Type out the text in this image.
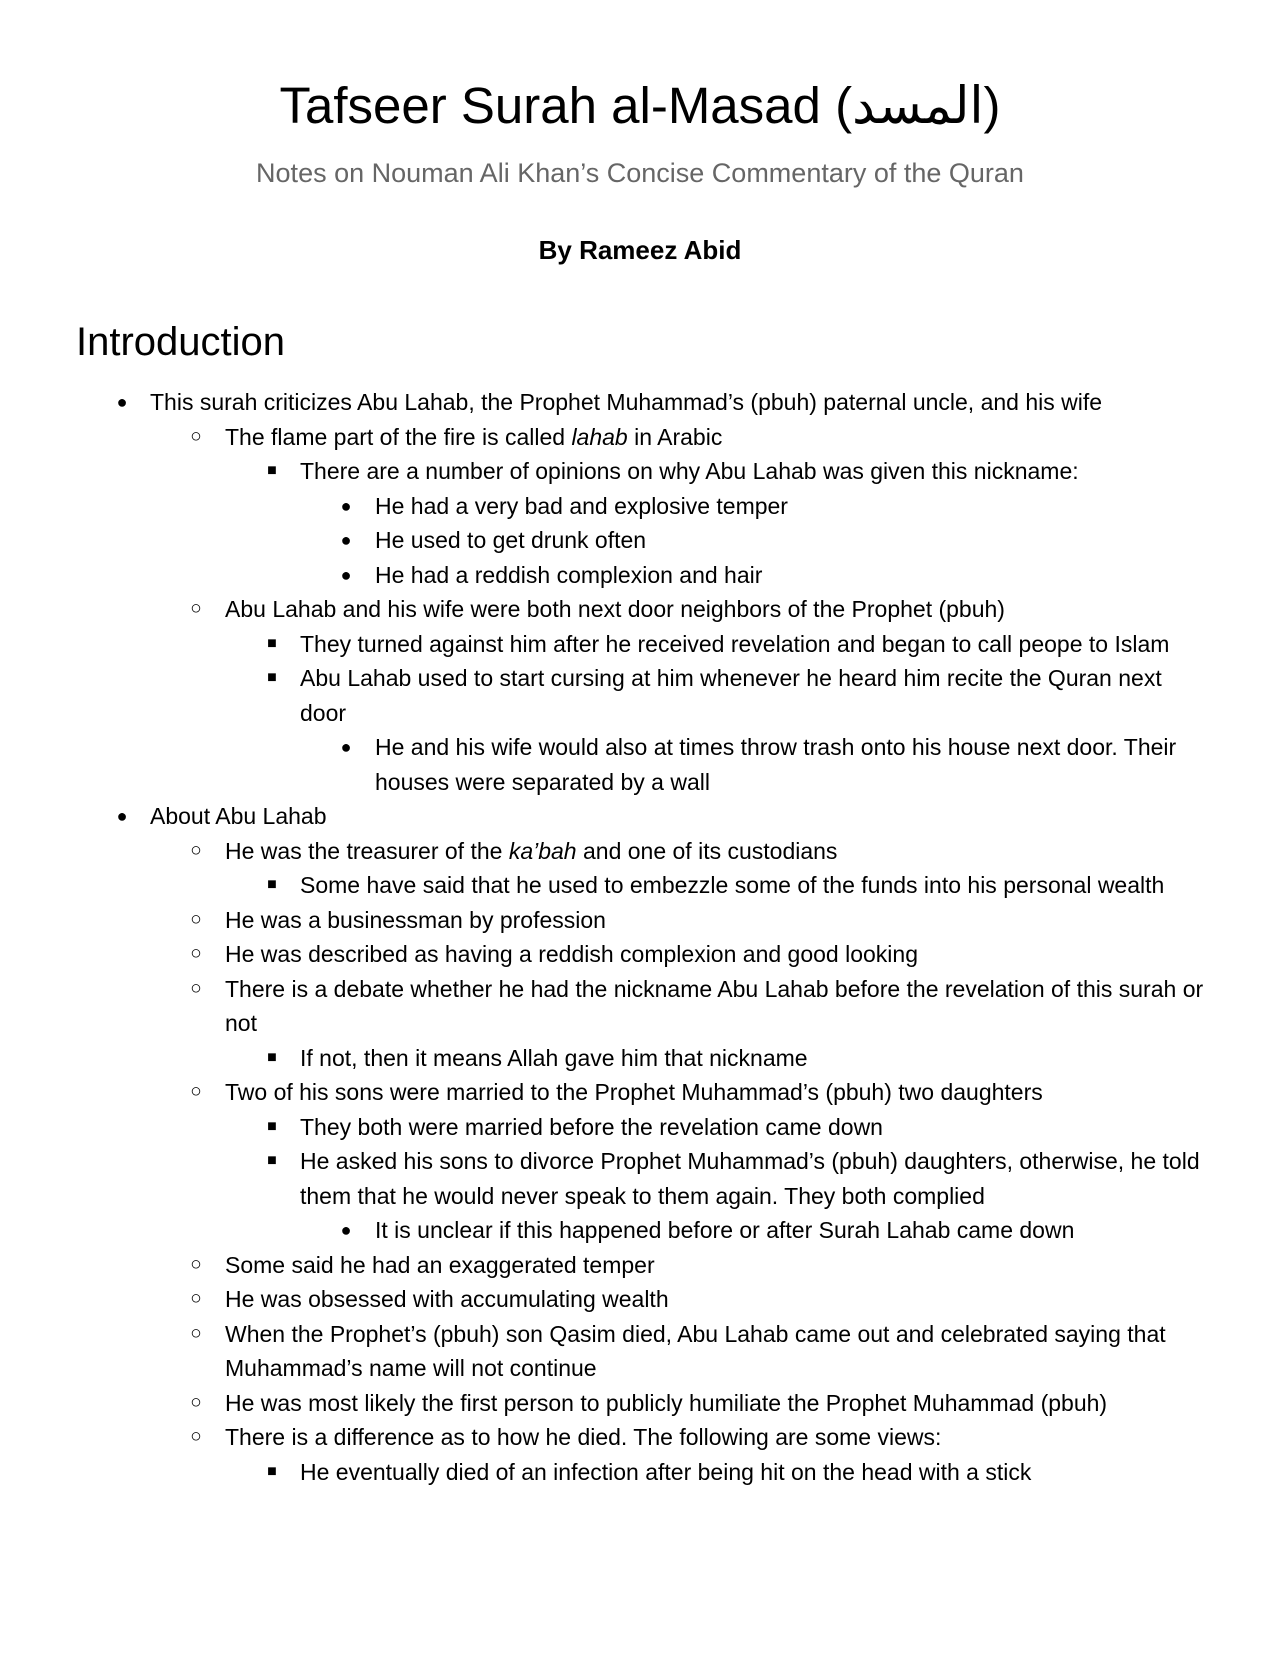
Tafseer Surah al-Masad (المسد)

Notes on Nouman Ali Khan’s Concise Commentary of the Quran

By Rameez Abid

Introduction
● This surah criticizes Abu Lahab, the Prophet Muhammad’s (pbuh) paternal uncle, and his wife
○ The flame part of the fire is called lahab in Arabic
■ There are a number of opinions on why Abu Lahab was given this nickname:
● He had a very bad and explosive temper
● He used to get drunk often
● He had a reddish complexion and hair
○ Abu Lahab and his wife were both next door neighbors of the Prophet (pbuh)
■ They turned against him after he received revelation and began to call peope to Islam
■ Abu Lahab used to start cursing at him whenever he heard him recite the Quran next door
● He and his wife would also at times throw trash onto his house next door. Their houses were separated by a wall
● About Abu Lahab
○ He was the treasurer of the ka’bah and one of its custodians
■ Some have said that he used to embezzle some of the funds into his personal wealth
○ He was a businessman by profession
○ He was described as having a reddish complexion and good looking
○ There is a debate whether he had the nickname Abu Lahab before the revelation of this surah or not
■ If not, then it means Allah gave him that nickname
○ Two of his sons were married to the Prophet Muhammad’s (pbuh) two daughters
■ They both were married before the revelation came down
■ He asked his sons to divorce Prophet Muhammad’s (pbuh) daughters, otherwise, he told them that he would never speak to them again. They both complied
● It is unclear if this happened before or after Surah Lahab came down
○ Some said he had an exaggerated temper
○ He was obsessed with accumulating wealth
○ When the Prophet’s (pbuh) son Qasim died, Abu Lahab came out and celebrated saying that Muhammad’s name will not continue
○ He was most likely the first person to publicly humiliate the Prophet Muhammad (pbuh)
○ There is a difference as to how he died. The following are some views:
■ He eventually died of an infection after being hit on the head with a stick
